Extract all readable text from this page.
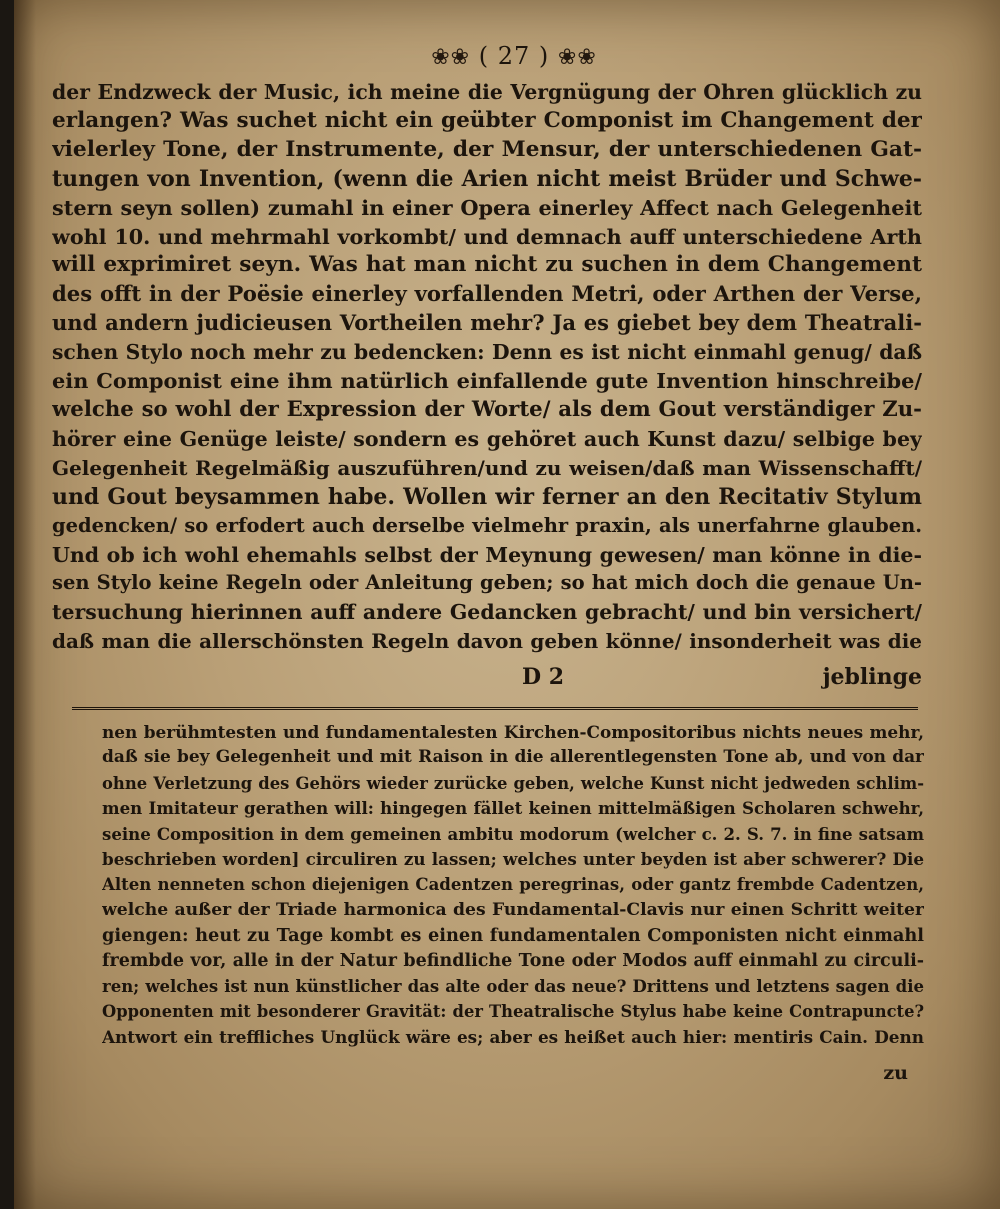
❀❀ ( 27 ) ❀❀
der Endzweck der Music, ich meine die Vergnügung der Ohren glücklich zu
erlangen? Was suchet nicht ein geübter Componist im Changement der
vielerley Tone, der Instrumente, der Mensur, der unterschiedenen Gat-
tungen von Invention, (wenn die Arien nicht meist Brüder und Schwe-
stern seyn sollen) zumahl in einer Opera einerley Affect nach Gelegenheit
wohl 10. und mehrmahl vorkombt/ und demnach auff unterschiedene Arth
will exprimiret seyn. Was hat man nicht zu suchen in dem Changement
des offt in der Poësie einerley vorfallenden Metri, oder Arthen der Verse,
und andern judicieusen Vortheilen mehr? Ja es giebet bey dem Theatrali-
schen Stylo noch mehr zu bedencken: Denn es ist nicht einmahl genug/ daß
ein Componist eine ihm natürlich einfallende gute Invention hinschreibe/
welche so wohl der Expression der Worte/ als dem Gout verständiger Zu-
hörer eine Genüge leiste/ sondern es gehöret auch Kunst dazu/ selbige bey
Gelegenheit Regelmäßig auszuführen/und zu weisen/daß man Wissenschafft/
und Gout beysammen habe. Wollen wir ferner an den Recitativ Stylum
gedencken/ so erfodert auch derselbe vielmehr praxin, als unerfahrne glauben.
Und ob ich wohl ehemahls selbst der Meynung gewesen/ man könne in die-
sen Stylo keine Regeln oder Anleitung geben; so hat mich doch die genaue Un-
tersuchung hierinnen auff andere Gedancken gebracht/ und bin versichert/
daß man die allerschönsten Regeln davon geben könne/ insonderheit was die
D 2	jeblinge
nen berühmtesten und fundamentalesten Kirchen-Compositoribus nichts neues mehr,
daß sie bey Gelegenheit und mit Raison in die allerentlegensten Tone ab, und von dar
ohne Verletzung des Gehörs wieder zurücke geben, welche Kunst nicht jedweden schlim-
men Imitateur gerathen will: hingegen fället keinen mittelmäßigen Scholaren schwehr,
seine Composition in dem gemeinen ambitu modorum (welcher c. 2. S. 7. in fine satsam
beschrieben worden] circuliren zu lassen; welches unter beyden ist aber schwerer? Die
Alten nenneten schon diejenigen Cadentzen peregrinas, oder gantz frembde Cadentzen,
welche außer der Triade harmonica des Fundamental-Clavis nur einen Schritt weiter
giengen: heut zu Tage kombt es einen fundamentalen Componisten nicht einmahl
frembde vor, alle in der Natur befindliche Tone oder Modos auff einmahl zu circuli-
ren; welches ist nun künstlicher das alte oder das neue? Drittens und letztens sagen die
Opponenten mit besonderer Gravität: der Theatralische Stylus habe keine Contrapuncte?
Antwort ein treffliches Unglück wäre es; aber es heißet auch hier: mentiris Cain. Denn
zu
